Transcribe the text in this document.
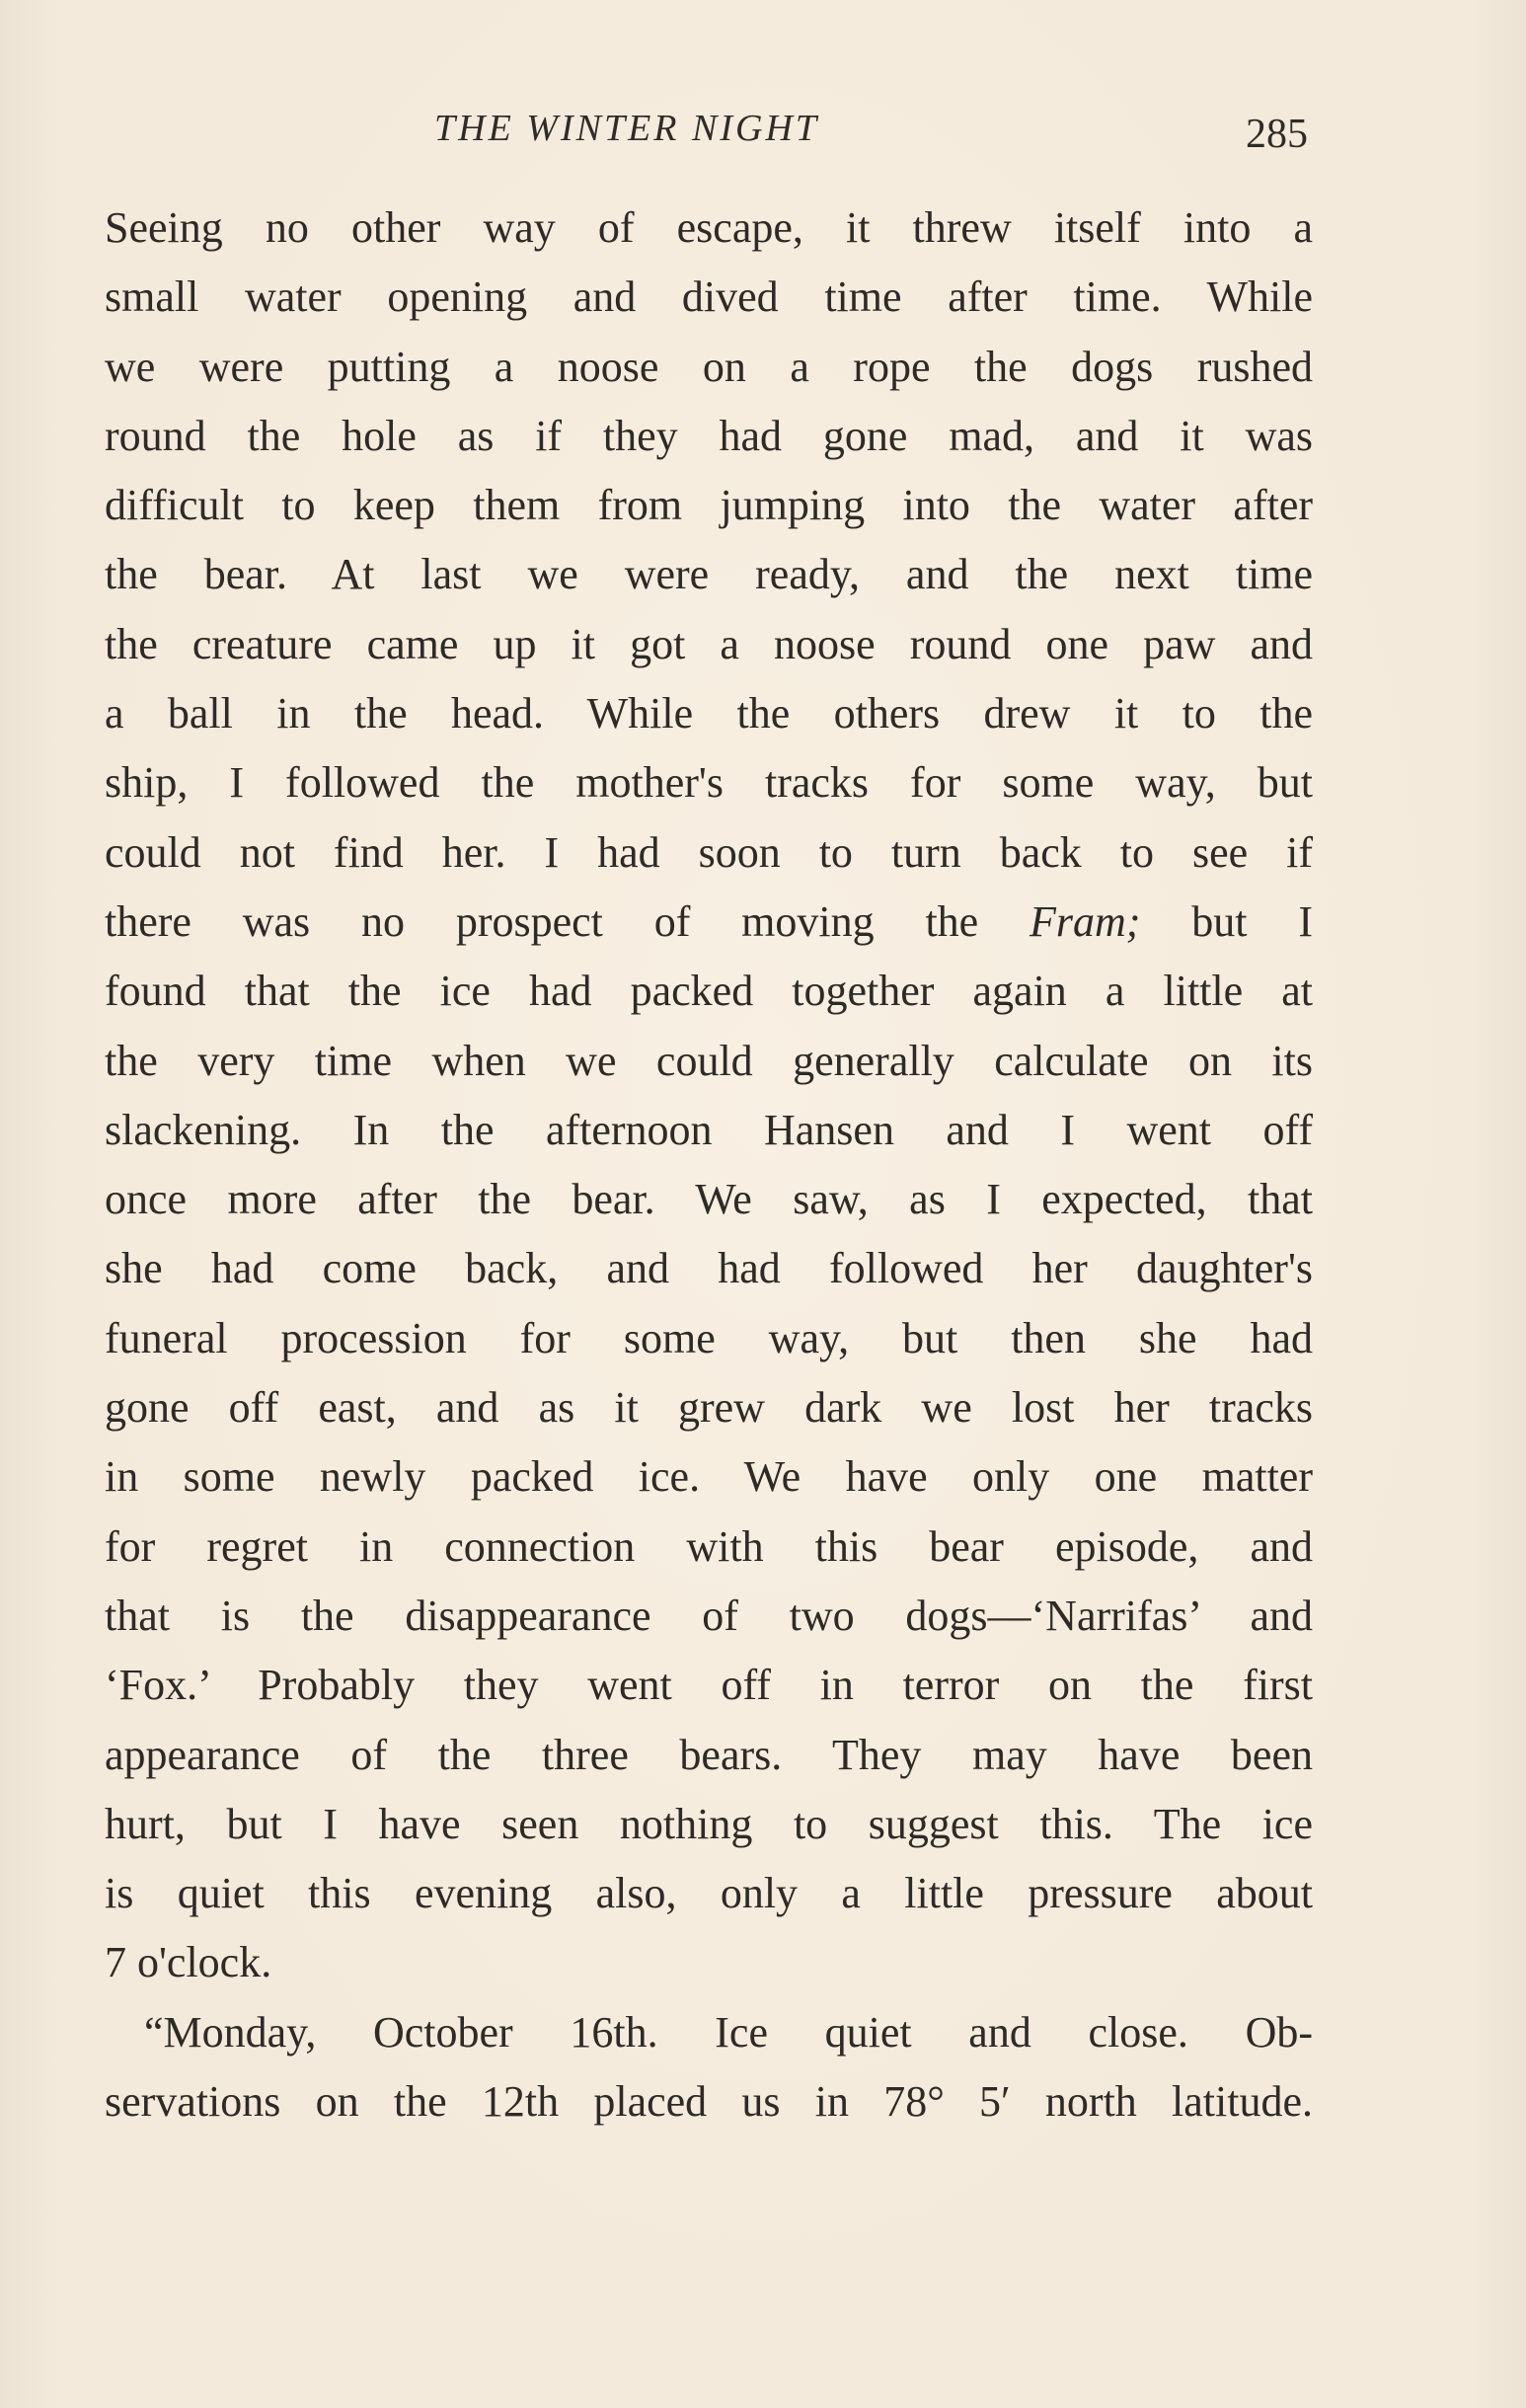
THE WINTER NIGHT	285
Seeing no other way of escape, it threw itself into a
small water opening and dived time after time. While
we were putting a noose on a rope the dogs rushed
round the hole as if they had gone mad, and it was
difficult to keep them from jumping into the water after
the bear. At last we were ready, and the next time
the creature came up it got a noose round one paw and
a ball in the head. While the others drew it to the
ship, I followed the mother's tracks for some way, but
could not find her. I had soon to turn back to see if
there was no prospect of moving the Fram; but I
found that the ice had packed together again a little at
the very time when we could generally calculate on its
slackening. In the afternoon Hansen and I went off
once more after the bear. We saw, as I expected, that
she had come back, and had followed her daughter's
funeral procession for some way, but then she had
gone off east, and as it grew dark we lost her tracks
in some newly packed ice. We have only one matter
for regret in connection with this bear episode, and
that is the disappearance of two dogs—‘Narrifas’ and
‘Fox.’ Probably they went off in terror on the first
appearance of the three bears. They may have been
hurt, but I have seen nothing to suggest this. The ice
is quiet this evening also, only a little pressure about
7 o'clock.
“Monday, October 16th. Ice quiet and close. Ob-
servations on the 12th placed us in 78° 5′ north latitude.
